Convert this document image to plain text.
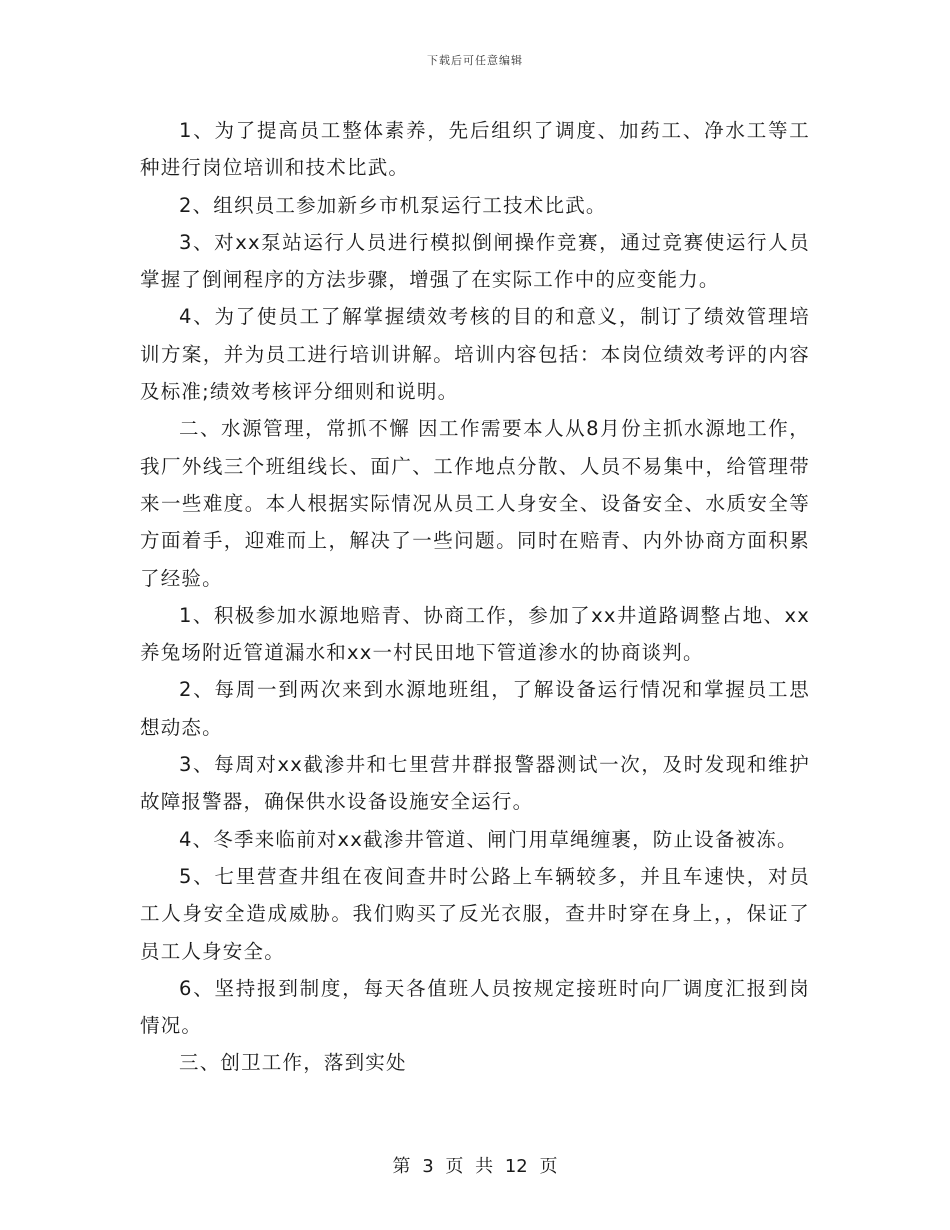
下载后可任意编辑

1、为了提高员工整体素养，先后组织了调度、加药工、净水工等工种进行岗位培训和技术比武。

2、组织员工参加新乡市机泵运行工技术比武。

3、对xx泵站运行人员进行模拟倒闸操作竞赛，通过竞赛使运行人员掌握了倒闸程序的方法步骤，增强了在实际工作中的应变能力。

4、为了使员工了解掌握绩效考核的目的和意义，制订了绩效管理培训方案，并为员工进行培训讲解。培训内容包括：本岗位绩效考评的内容及标准;绩效考核评分细则和说明。

二、水源管理，常抓不懈 因工作需要本人从8月份主抓水源地工作，我厂外线三个班组线长、面广、工作地点分散、人员不易集中，给管理带来一些难度。本人根据实际情况从员工人身安全、设备安全、水质安全等方面着手，迎难而上，解决了一些问题。同时在赔青、内外协商方面积累了经验。

1、积极参加水源地赔青、协商工作，参加了xx井道路调整占地、xx养兔场附近管道漏水和xx一村民田地下管道渗水的协商谈判。

2、每周一到两次来到水源地班组，了解设备运行情况和掌握员工思想动态。

3、每周对xx截渗井和七里营井群报警器测试一次，及时发现和维护故障报警器，确保供水设备设施安全运行。

4、冬季来临前对xx截渗井管道、闸门用草绳缠裹，防止设备被冻。

5、七里营查井组在夜间查井时公路上车辆较多，并且车速快，对员工人身安全造成威胁。我们购买了反光衣服，查井时穿在身上，，保证了员工人身安全。

6、坚持报到制度，每天各值班人员按规定接班时向厂调度汇报到岗情况。

三、创卫工作，落到实处

第 3 页 共 12 页
